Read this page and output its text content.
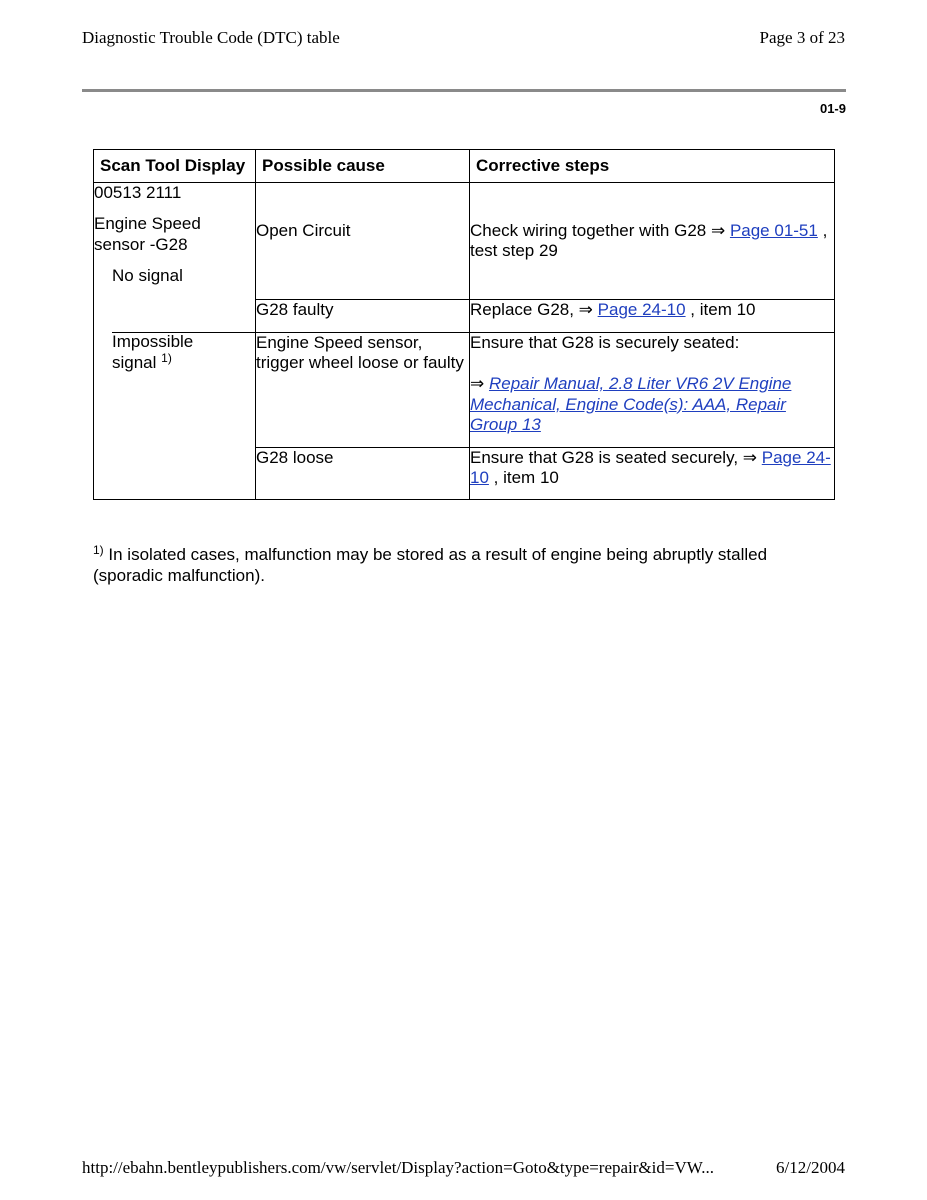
Diagnostic Trouble Code (DTC) table	Page 3 of 23
01-9
Scan Tool Display	Possible cause	Corrective steps

00513 2111
Engine Speed sensor -G28
No signal	Open Circuit	Check wiring together with G28 ⇒ Page 01-51 , test step 29
	G28 faulty	Replace G28, ⇒ Page 24-10 , item 10

Impossible signal $^{1)}$	Engine Speed sensor, trigger wheel loose or faulty	Ensure that G28 is securely seated:
⇒ Repair Manual, 2.8 Liter VR6 2V Engine Mechanical, Engine Code(s): AAA, Repair Group 13
	G28 loose	Ensure that G28 is seated securely, ⇒ Page 24-10 , item 10
$^{1)}$ In isolated cases, malfunction may be stored as a result of engine being abruptly stalled (sporadic malfunction).
http://ebahn.bentleypublishers.com/vw/servlet/Display?action=Goto&type=repair&id=VW...	6/12/2004
